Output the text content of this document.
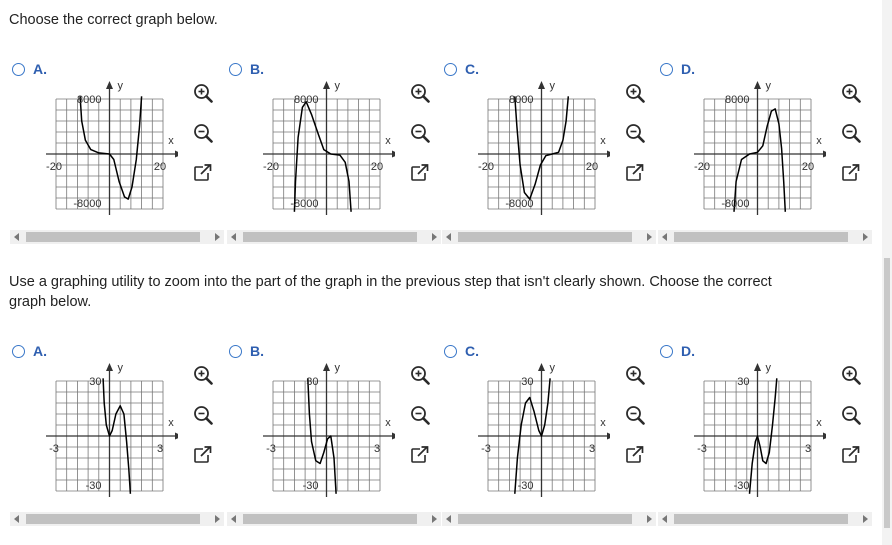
Choose the correct graph below.
Use a graphing utility to zoom into the part of the graph in the previous step that isn't clearly shown. Choose the correct
graph below.
A.
8000
-8000
-20	20
y
x
B.
8000
-8000
-20	20
y
x
C.
8000
-8000
-20	20
y
x
D.
8000
-8000
-20	20
y
x
A.
30
-30
-3	3
y
x
B.
30
-30
-3	3
y
x
C.
30
-30
-3	3
y
x
D.
30
-30
-3	3
y
x
